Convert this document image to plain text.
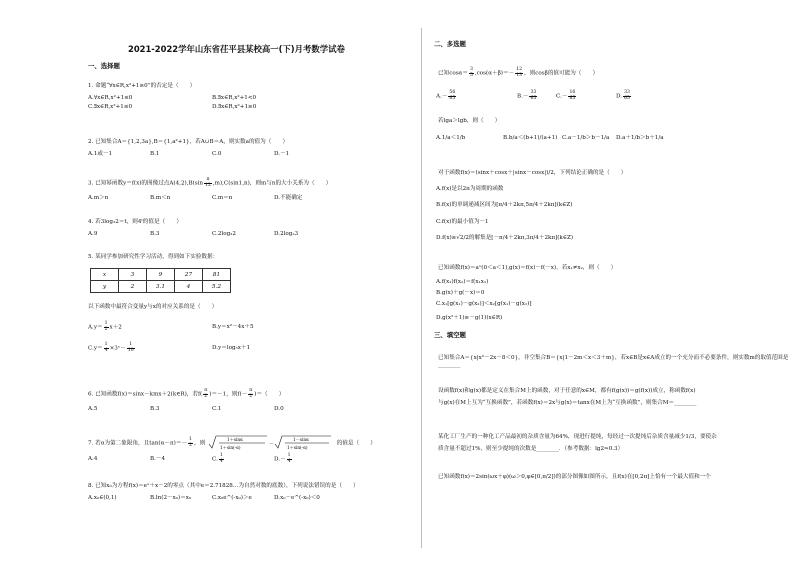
2021-2022学年山东省茌平县某校高一(下)月考数学试卷
一、选择题
1. 命题“∀x∈R,x²+1≥0”的否定是（　　）
A.∀x∈R,x²+1≤0	B.∃x∈R,x²+1<0
C.∃x∈R,x²+1≤0	D.∃x∈R,x²+1≥0
2. 已知集合A＝{1,2,3a},B＝{1,a²+1}，若A∪B＝A，则实数a的值为（　　）
A.1或－1	B.1	C.0	D.－1
3. 已知幂函数y＝f(x)的图像过点$A(4,2),B(\sin \frac{\pi}{12} ,m),C(\sin 1,n)$，则m与n的大小关系为（　　）
A.m＞n	B.m＜n	C.m＝n	D.不能确定
4. 若3log₃2＝t，则4ᵗ的值是（　　）
A.9	B.3	C.2log₃2	D.2log₂3
5. 某同学参加研究性学习活动，得到如下实验数据：
x	3	9	27	81
y	2	3.1	4	5.2
以下函数中最符合变量y与x的对应关系的是（　　）
$A.y= \frac{1}{2} x+2$	B.y＝x²－4x＋5
$C.y= \frac{1}{4}$ ×3ˣ－ $\frac{1}{10}$	D.y＝log₃x＋1
6. 已知函数f(x)＝sinx－kmx＋2(k∈R)，若$f( \frac{\pi}{2} )=-1$，则$f(- \frac{\pi}{2}$ )＝（　　）
A.5	B.3	C.1	D.0
7. 若α为第二象限角，且$\tan(\alpha-\pi)=- \frac{1}{2}$ ，则
1＋sinα
1＋sin(-α)
－
1－sinα
1＋sin(-α)
的值是（　　）
A.4	B.－4	C. $\frac{1}{4}$	$D.- \frac{1}{4}$
8. 已知x₀为方程f(x)＝eˣ＋x－2的零点（其中e＝2.71828…为自然对数的底数），下列说法错误的是（　　）
A.x₀∈(0,1)	B.ln(2－x₀)＝x₀	C.x₀e^(-x₀)＞e	D.x₀－e^(-x₀)＜0
二、多选题
已知$\cos\alpha= \frac{3}{5} ,\cos(\alpha+\beta)=- \frac{12}{13}$ ，则cosβ的值可能为（　　）
$A.- \frac{56}{65}$	$B.- \frac{33}{65}$	$C.- \frac{16}{65}$	D. $\frac{33}{65}$
若lga＞lgb，则（　　）
A.1/a＜1/b	B.b/a＜(b+1)/(a+1) C.a－1/b＞b－1/a D.a＋1/b＞b＋1/a
对于函数f(x)＝(sinx＋cosx＋|sinx－cosx|)/2，下列结论正确的是（　　）
A.f(x)是以2π为周期的函数
B.f(x)的单调递减区间为[π/4＋2kπ,5π/4＋2kπ](k∈Z)
C.f(x)的最小值为－1
D.f(x)≥√2/2的解集是[－π/4＋2kπ,3π/4＋2kπ](k∈Z)
已知函数f(x)＝aˣ(0＜a＜1),g(x)＝f(x)－f(－x)，若x₁≠x₂，则（　　）
A.f(x₁)f(x₂)＝f(x₁x₂)
B.g(x)＋g(－x)＝0
C.x₁[g(x₁)－g(x₂)]＜x₂[g(x₁)－g(x₂)]
D.g(x²＋1)≥－g(1)(x∈R)
三、填空题
已知集合A＝{x|x²－2x－8＜0}，非空集合B＝{x|1－2m＜x＜3＋m}，若x∈B是x∈A成立的一个充分而不必要条件，则实数m的取值范围是________
设函数f(x)和g(x)都是定义在集合M上的函数，对于任意的x∈M，都有f(g(x))＝g(f(x))成立，称函数f(x)
与g(x)在M上互为“互换函数”，若函数f(x)＝2x与g(x)＝tanx在M上为“互换函数”，则集合M＝________
某化工厂生产的一种化工产品最初的杂质含量为64%，现进行提纯，每经过一次提纯后杂质含量减少1/3，要使杂
质含量不超过1%，则至少提纯的次数是________．（参考数据：lg2≈0.3）
已知函数f(x)＝2sin(ωx＋φ)(ω＞0,φ∈[0,π/2])的部分图像如图所示，且f(x)在[0,2π]上恰有一个最大值和一个
